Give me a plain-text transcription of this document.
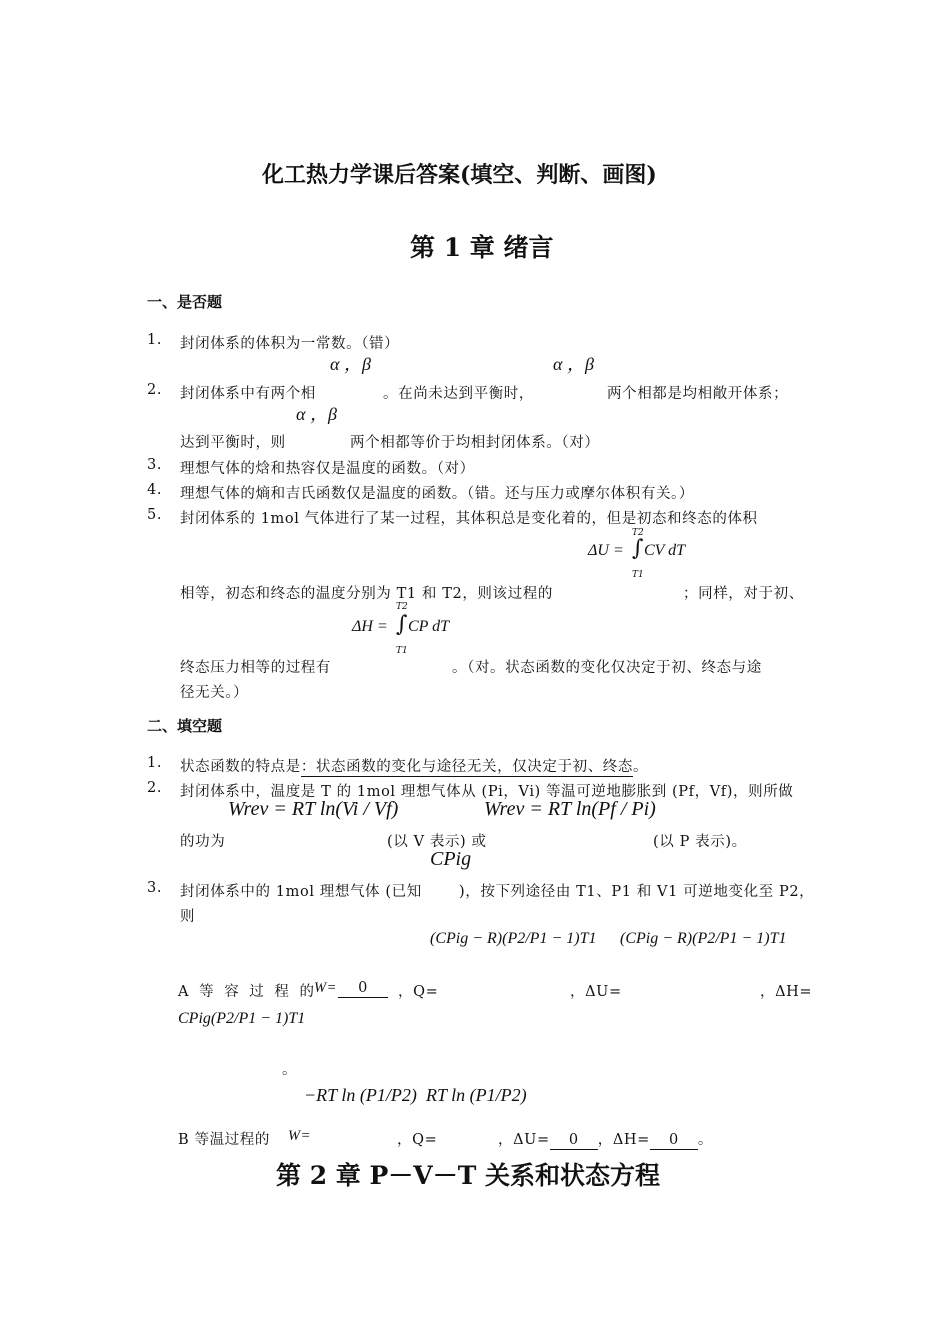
化工热力学课后答案(填空、判断、画图)
第 1 章 绪言
一、是否题
1. 封闭体系的体积为一常数。（错）
α ，β	α ，β
2. 封闭体系中有两个相	。在尚未达到平衡时，	两个相都是均相敞开体系；
α ，β
达到平衡时，则	两个相都等价于均相封闭体系。（对）
3. 理想气体的焓和热容仅是温度的函数。（对）
4. 理想气体的熵和吉氏函数仅是温度的函数。（错。还与压力或摩尔体积有关。）
5. 封闭体系的 1mol 气体进行了某一过程，其体积总是变化着的，但是初态和终态的体积
T2
ΔU = ∫ CV dT
T1
相等，初态和终态的温度分别为 T1 和 T2，则该过程的	；同样，对于初、
T2
ΔH = ∫ CP dT
T1
终态压力相等的过程有	。（对。状态函数的变化仅决定于初、终态与途
径无关。）
二、填空题
1. 状态函数的特点是：状态函数的变化与途径无关，仅决定于初、终态。
2. 封闭体系中，温度是 T 的 1mol 理想气体从 (Pi，Vi) 等温可逆地膨胀到 (Pf，Vf)，则所做
Wrev = RT ln(Vi / Vf)	Wrev = RT ln(Pf / Pi)
的功为	(以 V 表示) 或	(以 P 表示)。
CPig
3. 封闭体系中的 1mol 理想气体 (已知	)，按下列途径由 T1、P1 和 V1 可逆地变化至 P2，
则
(CPig − R)(P2/P1 − 1)T1 (CPig − R)(P2/P1 − 1)T1
A 等 容 过 程 的
W=	0	，Q=	，ΔU=	，ΔH=
CPig(P2/P1 − 1)T1
。
−RT ln (P1/P2) RT ln (P1/P2)
B 等温过程的 W=	，Q=	，ΔU= 0 ，ΔH= 0 。
第 2 章 P－V－T 关系和状态方程
